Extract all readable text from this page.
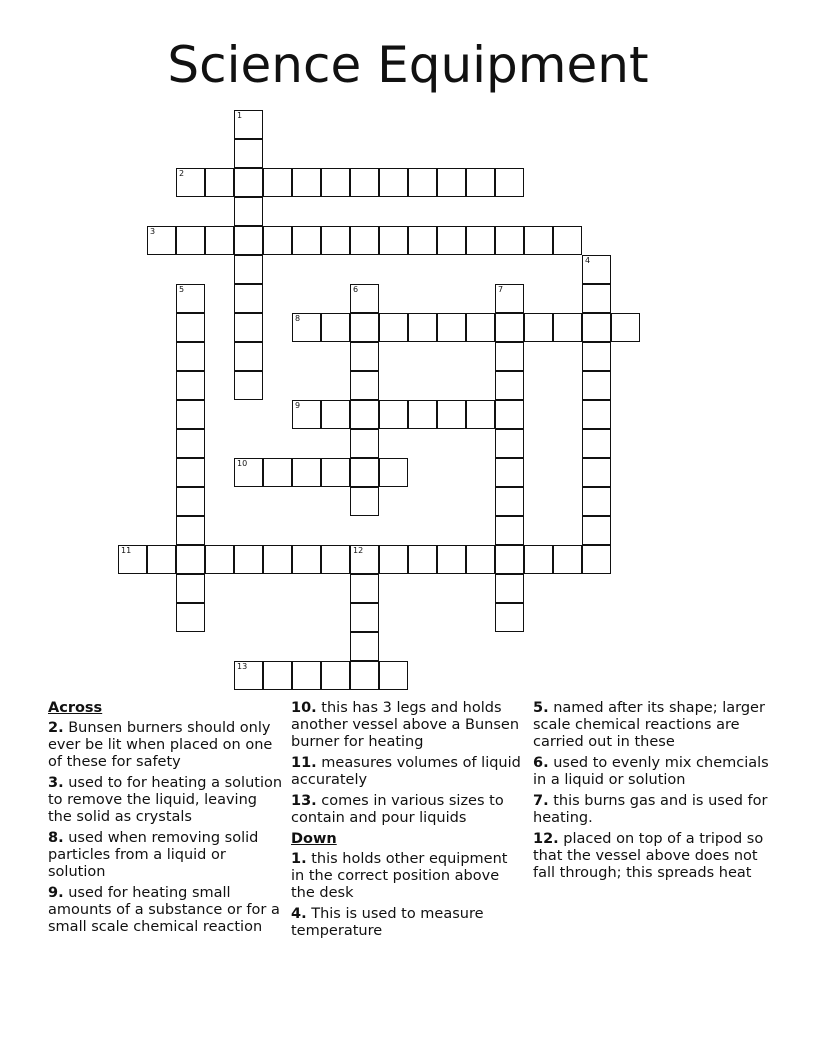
Science Equipment
1
2
3
4
5	6	7
8
9
10
11	12
13
Across
2. Bunsen burners should only ever be lit when placed on one of these for safety
3. used to for heating a solution to remove the liquid, leaving the solid as crystals
8. used when removing solid particles from a liquid or solution
9. used for heating small amounts of a substance or for a small scale chemical reaction
10. this has 3 legs and holds another vessel above a Bunsen burner for heating
11. measures volumes of liquid accurately
13. comes in various sizes to contain and pour liquids
Down
1. this holds other equipment in the correct position above the desk
4. This is used to measure temperature
5. named after its shape; larger scale chemical reactions are carried out in these
6. used to evenly mix chemcials in a liquid or solution
7. this burns gas and is used for heating.
12. placed on top of a tripod so that the vessel above does not fall through; this spreads heat
